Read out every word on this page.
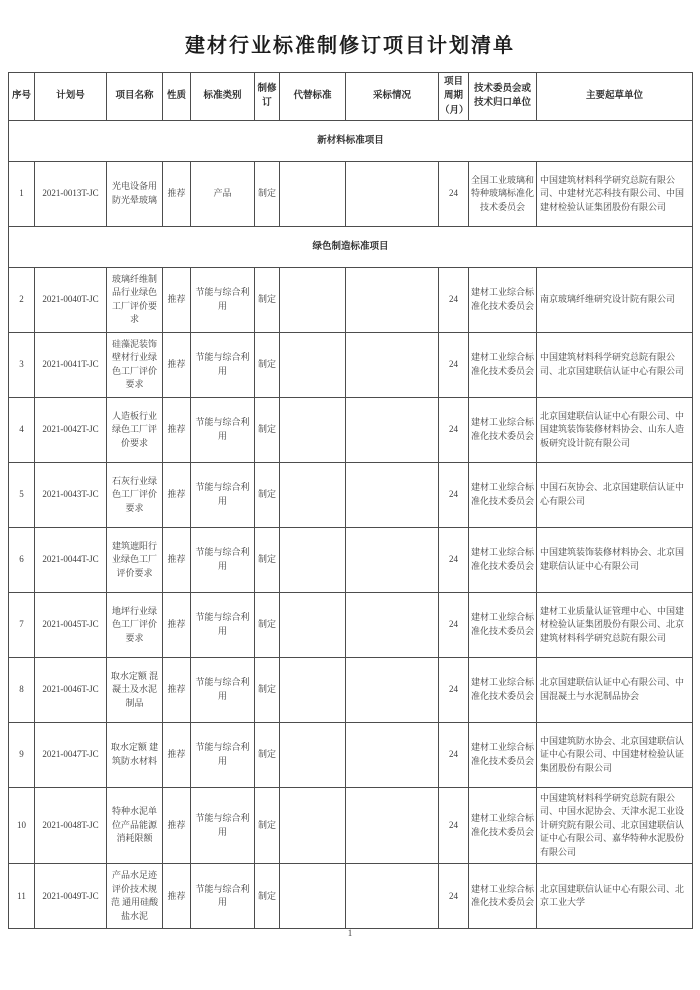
建材行业标准制修订项目计划清单
序号	计划号	项目名称	性质	标准类别	制修订	代替标准	采标情况	项目周期（月）	技术委员会或技术归口单位	主要起草单位
新材料标准项目										
1	2021-0013T-JC	光电设备用防光晕玻璃	推荐	产品	制定			24	全国工业玻璃和特种玻璃标准化技术委员会	中国建筑材料科学研究总院有限公司、中建材光芯科技有限公司、中国建材检验认证集团股份有限公司
绿色制造标准项目										
2	2021-0040T-JC	玻璃纤维制品行业绿色工厂评价要求	推荐	节能与综合利用	制定			24	建材工业综合标准化技术委员会	南京玻璃纤维研究设计院有限公司
3	2021-0041T-JC	硅藻泥装饰壁材行业绿色工厂评价要求	推荐	节能与综合利用	制定			24	建材工业综合标准化技术委员会	中国建筑材料科学研究总院有限公司、北京国建联信认证中心有限公司
4	2021-0042T-JC	人造板行业绿色工厂评价要求	推荐	节能与综合利用	制定			24	建材工业综合标准化技术委员会	北京国建联信认证中心有限公司、中国建筑装饰装修材料协会、山东人造板研究设计院有限公司
5	2021-0043T-JC	石灰行业绿色工厂评价要求	推荐	节能与综合利用	制定			24	建材工业综合标准化技术委员会	中国石灰协会、北京国建联信认证中心有限公司
6	2021-0044T-JC	建筑遮阳行业绿色工厂评价要求	推荐	节能与综合利用	制定			24	建材工业综合标准化技术委员会	中国建筑装饰装修材料协会、北京国建联信认证中心有限公司
7	2021-0045T-JC	地坪行业绿色工厂评价要求	推荐	节能与综合利用	制定			24	建材工业综合标准化技术委员会	建材工业质量认证管理中心、中国建材检验认证集团股份有限公司、北京建筑材料科学研究总院有限公司
8	2021-0046T-JC	取水定额 混凝土及水泥制品	推荐	节能与综合利用	制定			24	建材工业综合标准化技术委员会	北京国建联信认证中心有限公司、中国混凝土与水泥制品协会
9	2021-0047T-JC	取水定额 建筑防水材料	推荐	节能与综合利用	制定			24	建材工业综合标准化技术委员会	中国建筑防水协会、北京国建联信认证中心有限公司、中国建材检验认证集团股份有限公司
10	2021-0048T-JC	特种水泥单位产品能源消耗限额	推荐	节能与综合利用	制定			24	建材工业综合标准化技术委员会	中国建筑材料科学研究总院有限公司、中国水泥协会、天津水泥工业设计研究院有限公司、北京国建联信认证中心有限公司、嘉华特种水泥股份有限公司
11	2021-0049T-JC	产品水足迹评价技术规范 通用硅酸盐水泥	推荐	节能与综合利用	制定			24	建材工业综合标准化技术委员会	北京国建联信认证中心有限公司、北京工业大学
1
